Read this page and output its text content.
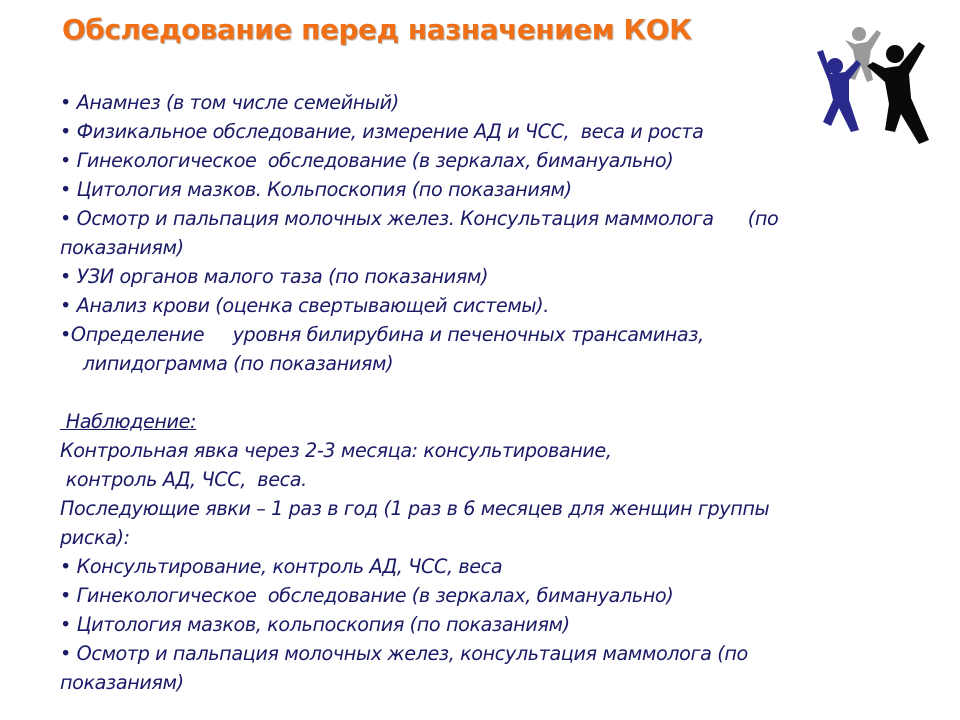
Обследование перед назначением КОК
• Анамнез (в том числе семейный)
• Физикальное обследование, измерение АД и ЧСС,  веса и роста
• Гинекологическое  обследование (в зеркалах, бимануально)
• Цитология мазков. Кольпоскопия (по показаниям)
• Осмотр и пальпация молочных желез. Консультация маммолога      (по
показаниям)
• УЗИ органов малого таза (по показаниям)
• Анализ крови (оценка свертывающей системы).
•Определение     уровня билирубина и печеночных трансаминаз,
липидограмма (по показаниям)
Наблюдение:
Контрольная явка через 2-3 месяца: консультирование,
контроль АД, ЧСС,  веса.
Последующие явки – 1 раз в год (1 раз в 6 месяцев для женщин группы
риска):
• Консультирование, контроль АД, ЧСС, веса
• Гинекологическое  обследование (в зеркалах, бимануально)
• Цитология мазков, кольпоскопия (по показаниям)
• Осмотр и пальпация молочных желез, консультация маммолога (по
показаниям)
